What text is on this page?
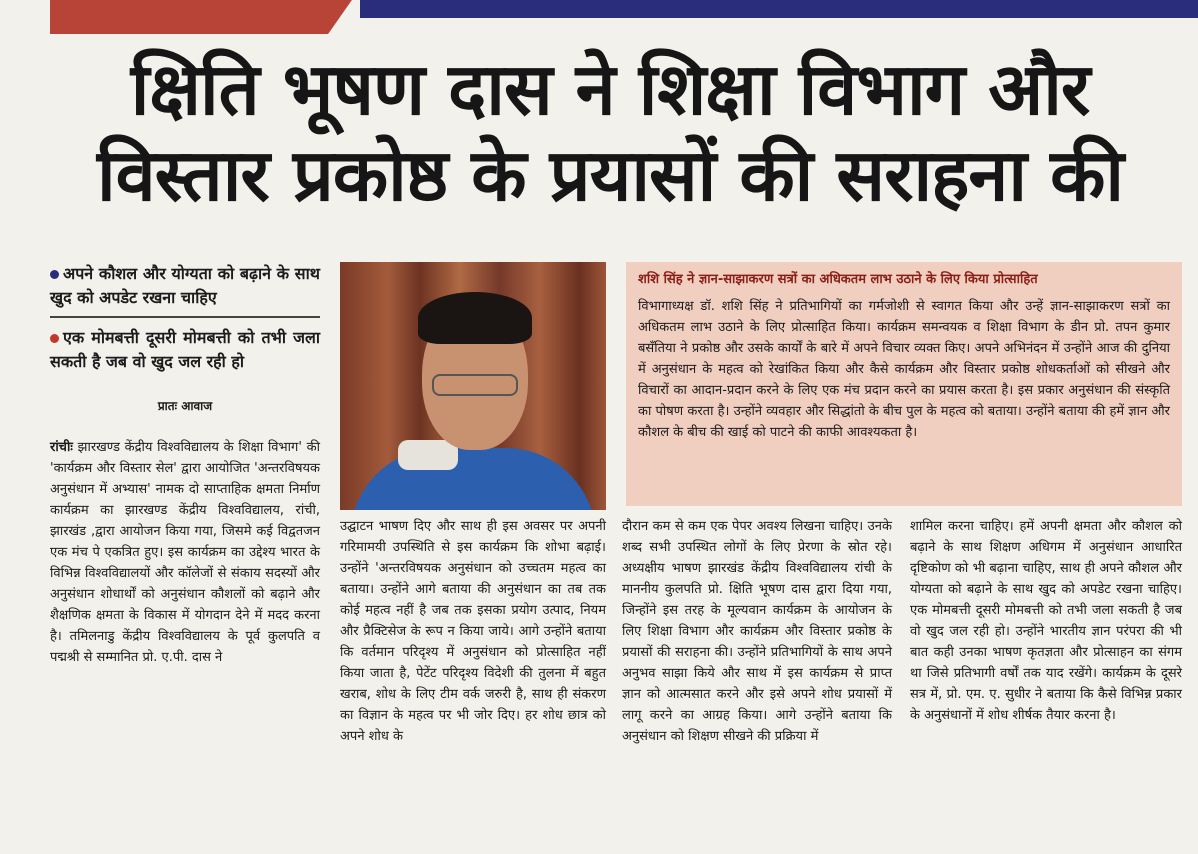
क्षिति भूषण दास ने शिक्षा विभाग और विस्तार प्रकोष्ठ के प्रयासों की सराहना की
अपने कौशल और योग्यता को बढ़ाने के साथ खुद को अपडेट रखना चाहिए
एक मोमबत्ती दूसरी मोमबत्ती को तभी जला सकती है जब वो खुद जल रही हो
प्रातः आवाज

रांचीः झारखण्ड केंद्रीय विश्वविद्यालय के शिक्षा विभाग' की 'कार्यक्रम और विस्तार सेल' द्वारा आयोजित 'अन्तरविषयक अनुसंधान में अभ्यास' नामक दो साप्ताहिक क्षमता निर्माण कार्यक्रम का झारखण्ड केंद्रीय विश्वविद्यालय, रांची, झारखंड ,द्वारा आयोजन किया गया, जिसमे कई विद्वतजन एक मंच पे एकत्रित हुए। इस कार्यक्रम का उद्देश्य भारत के विभिन्न विश्वविद्यालयों और कॉलेजों से संकाय सदस्यों और अनुसंधान शोधार्थों को अनुसंधान कौशलों को बढ़ाने और शैक्षणिक क्षमता के विकास में योगदान देने में मदद करना है। तमिलनाडु केंद्रीय विश्वविद्यालय के पूर्व कुलपति व पद्मश्री से सम्मानित प्रो. ए.पी. दास ने

उद्घाटन भाषण दिए और साथ ही इस अवसर पर अपनी गरिमामयी उपस्थिति से इस कार्यक्रम कि शोभा बढ़ाई। उन्होंने 'अन्तरविषयक अनुसंधान को उच्चतम महत्व का बताया। उन्होंने आगे बताया की अनुसंधान का तब तक कोई महत्व नहीं है जब तक इसका प्रयोग उत्पाद, नियम और प्रैक्टिसेज के रूप न किया जाये। आगे उन्होंने बताया कि वर्तमान परिदृश्य में अनुसंधान को प्रोत्साहित नहीं किया जाता है, पेटेंट परिदृश्य विदेशी की तुलना में बहुत खराब, शोध के लिए टीम वर्क जरुरी है, साथ ही संकरण का विज्ञान के महत्व पर भी जोर दिए। हर शोध छात्र को अपने शोध के

दौरान कम से कम एक पेपर अवश्य लिखना चाहिए। उनके शब्द सभी उपस्थित लोगों के लिए प्रेरणा के स्रोत रहे। अध्यक्षीय भाषण झारखंड केंद्रीय विश्वविद्यालय रांची के माननीय कुलपति प्रो. क्षिति भूषण दास द्वारा दिया गया, जिन्होंने इस तरह के मूल्यवान कार्यक्रम के आयोजन के लिए शिक्षा विभाग और कार्यक्रम और विस्तार प्रकोष्ठ के प्रयासों की सराहना की। उन्होंने प्रतिभागियों के साथ अपने अनुभव साझा किये और साथ में इस कार्यक्रम से प्राप्त ज्ञान को आत्मसात करने और इसे अपने शोध प्रयासों में लागू करने का आग्रह किया। आगे उन्होंने बताया कि अनुसंधान को शिक्षण सीखने की प्रक्रिया में

शामिल करना चाहिए। हमें अपनी क्षमता और कौशल को बढ़ाने के साथ शिक्षण अधिगम में अनुसंधान आधारित दृष्टिकोण को भी बढ़ाना चाहिए, साथ ही अपने कौशल और योग्यता को बढ़ाने के साथ खुद को अपडेट रखना चाहिए। एक मोमबत्ती दूसरी मोमबत्ती को तभी जला सकती है जब वो खुद जल रही हो। उन्होंने भारतीय ज्ञान परंपरा की भी बात कही उनका भाषण कृतज्ञता और प्रोत्साहन का संगम था जिसे प्रतिभागी वर्षों तक याद रखेंगे। कार्यक्रम के दूसरे सत्र में, प्रो. एम. ए. सुधीर ने बताया कि कैसे विभिन्न प्रकार के अनुसंधानों में शोध शीर्षक तैयार करना है।

शशि सिंह ने ज्ञान-साझाकरण सत्रों का अधिकतम लाभ उठाने के लिए किया प्रोत्साहित

विभागाध्यक्ष डॉ. शशि सिंह ने प्रतिभागियों का गर्मजोशी से स्वागत किया और उन्हें ज्ञान-साझाकरण सत्रों का अधिकतम लाभ उठाने के लिए प्रोत्साहित किया। कार्यक्रम समन्वयक व शिक्षा विभाग के डीन प्रो. तपन कुमार बसँतिया ने प्रकोष्ठ और उसके कार्यों के बारे में अपने विचार व्यक्त किए। अपने अभिनंदन में उन्होंने आज की दुनिया में अनुसंधान के महत्व को रेखांकित किया और कैसे कार्यक्रम और विस्तार प्रकोष्ठ शोधकर्ताओं को सीखने और विचारों का आदान-प्रदान करने के लिए एक मंच प्रदान करने का प्रयास करता है। इस प्रकार अनुसंधान की संस्कृति का पोषण करता है। उन्होंने व्यवहार और सिद्धांतो के बीच पुल के महत्व को बताया। उन्होंने बताया की हमें ज्ञान और कौशल के बीच की खाई को पाटने की काफी आवश्यकता है।
